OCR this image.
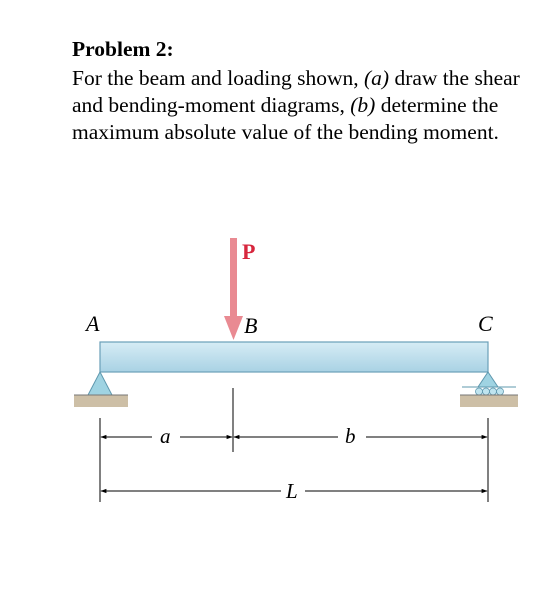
Problem 2:

For the beam and loading shown, (a) draw the shear and bending-moment diagrams, (b) determine the maximum absolute value of the bending moment.

P
A	B	C
a	b
L
